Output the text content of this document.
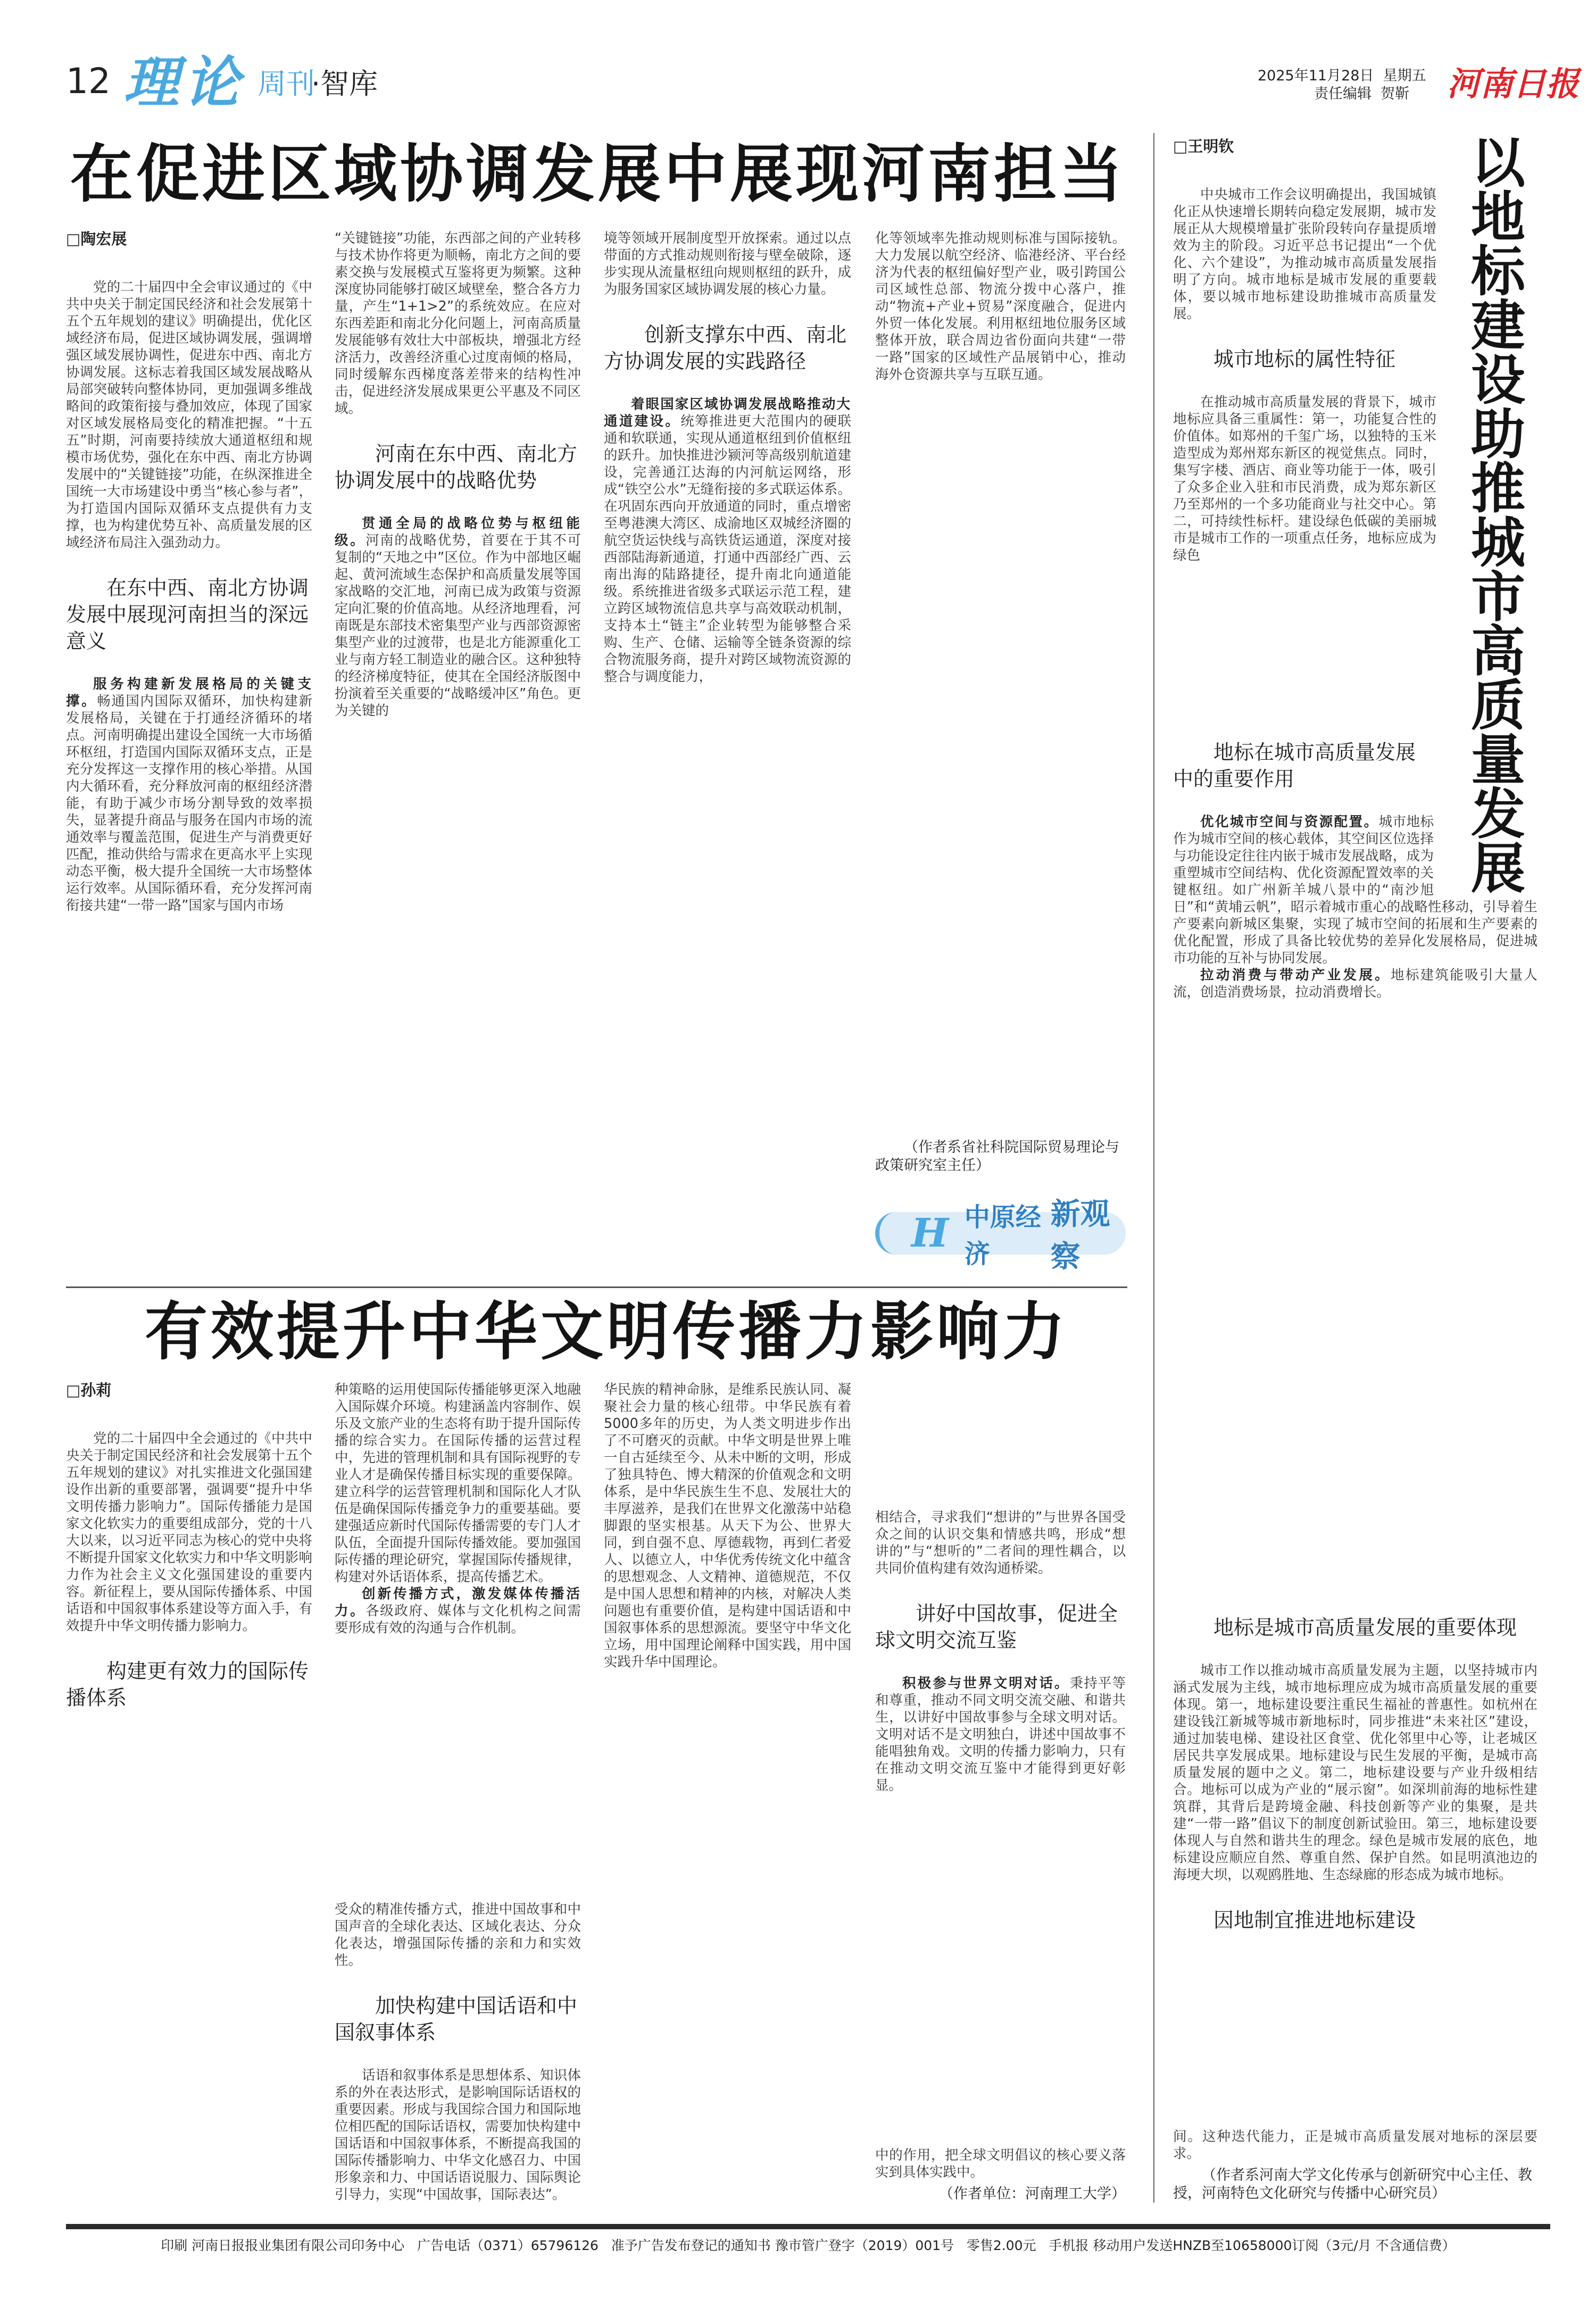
12 理论 周刊
·智库	2025年11月28日  星期五
责任编辑  贺靳 河南日报
在促进区域协调发展中展现河南担当
□陶宏展

党的二十届四中全会审议通过的《中共中央关于制定国民经济和社会发展第十五个五年规划的建议》明确提出，优化区域经济布局，促进区域协调发展，强调增强区域发展协调性，促进东中西、南北方协调发展。这标志着我国区域发展战略从局部突破转向整体协同，更加强调多维战略间的政策衔接与叠加效应，体现了国家对区域发展格局变化的精准把握。“十五五”时期，河南要持续放大通道枢纽和规模市场优势，强化在东中西、南北方协调发展中的“关键链接”功能，在纵深推进全国统一大市场建设中勇当“核心参与者”，为打造国内国际双循环支点提供有力支撑，也为构建优势互补、高质量发展的区域经济布局注入强劲动力。

在东中西、南北方协调发展中展现河南担当的深远意义

服务构建新发展格局的关键支撑。畅通国内国际双循环，加快构建新发展格局，关键在于打通经济循环的堵点。河南明确提出建设全国统一大市场循环枢纽，打造国内国际双循环支点，正是充分发挥这一支撑作用的核心举措。从国内大循环看，充分释放河南的枢纽经济潜能，有助于减少市场分割导致的效率损失，显著提升商品与服务在国内市场的流通效率与覆盖范围，促进生产与消费更好匹配，推动供给与需求在更高水平上实现动态平衡，极大提升全国统一大市场整体运行效率。从国际循环看，充分发挥河南衔接共建“一带一路”国家与国内市场

“关键链接”功能，东西部之间的产业转移与技术协作将更为顺畅，南北方之间的要素交换与发展模式互鉴将更为频繁。这种深度协同能够打破区域壁垒，整合各方力量，产生“1+1>2”的系统效应。在应对东西差距和南北分化问题上，河南高质量发展能够有效壮大中部板块，增强北方经济活力，改善经济重心过度南倾的格局，同时缓解东西梯度落差带来的结构性冲击，促进经济发展成果更公平惠及不同区域。

河南在东中西、南北方协调发展中的战略优势

贯通全局的战略位势与枢纽能级。河南的战略优势，首要在于其不可复制的“天地之中”区位。作为中部地区崛起、黄河流域生态保护和高质量发展等国家战略的交汇地，河南已成为政策与资源定向汇聚的价值高地。从经济地理看，河南既是东部技术密集型产业与西部资源密集型产业的过渡带，也是北方能源重化工业与南方轻工制造业的融合区。这种独特的经济梯度特征，使其在全国经济版图中扮演着至关重要的“战略缓冲区”角色。更为关键的

境等领域开展制度型开放探索。通过以点带面的方式推动规则衔接与壁垒破除，逐步实现从流量枢纽向规则枢纽的跃升，成为服务国家区域协调发展的核心力量。

创新支撑东中西、南北方协调发展的实践路径

着眼国家区域协调发展战略推动大通道建设。统筹推进更大范围内的硬联通和软联通，实现从通道枢纽到价值枢纽的跃升。加快推进沙颍河等高级别航道建设，完善通江达海的内河航运网络，形成“铁空公水”无缝衔接的多式联运体系。在巩固东西向开放通道的同时，重点增密至粤港澳大湾区、成渝地区双城经济圈的航空货运快线与高铁货运通道，深度对接西部陆海新通道，打通中西部经广西、云南出海的陆路捷径，提升南北向通道能级。系统推进省级多式联运示范工程，建立跨区域物流信息共享与高效联动机制，支持本土“链主”企业转型为能够整合采购、生产、仓储、运输等全链条资源的综合物流服务商，提升对跨区域物流资源的整合与调度能力，

化等领域率先推动规则标准与国际接轨。大力发展以航空经济、临港经济、平台经济为代表的枢纽偏好型产业，吸引跨国公司区域性总部、物流分拨中心落户，推动“物流+产业+贸易”深度融合，促进内外贸一体化发展。利用枢纽地位服务区域整体开放，联合周边省份面向共建“一带一路”国家的区域性产品展销中心，推动海外仓资源共享与互联互通。

（作者系省社科院国际贸易理论与政策研究室主任）
H 中原经济
新观察
以地标建设助推城市高质量发展
□王明钦

中央城市工作会议明确提出，我国城镇化正从快速增长期转向稳定发展期，城市发展正从大规模增量扩张阶段转向存量提质增效为主的阶段。习近平总书记提出“一个优化、六个建设”，为推动城市高质量发展指明了方向。城市地标是城市发展的重要载体，要以城市地标建设助推城市高质量发展。

城市地标的属性特征

在推动城市高质量发展的背景下，城市地标应具备三重属性：第一，功能复合性的价值体。如郑州的千玺广场，以独特的玉米造型成为郑州郑东新区的视觉焦点。同时，集写字楼、酒店、商业等功能于一体，吸引了众多企业入驻和市民消费，成为郑东新区乃至郑州的一个多功能商业与社交中心。第二，可持续性标杆。建设绿色低碳的美丽城市是城市工作的一项重点任务，地标应成为绿色

地标在城市高质量发展中的重要作用

优化城市空间与资源配置。城市地标作为城市空间的核心载体，其空间区位选择与功能设定往往内嵌于城市发展战略，成为重塑城市空间结构、优化资源配置效率的关键枢纽。如广州新羊城八景中的“南沙旭日”和“黄埔云帆”，昭示着城市重心的战略性移动，引导着生产要素向新城区集聚，实现了城市空间的拓展和生产要素的优化配置，形成了具备比较优势的差异化发展格局，促进城市功能的互补与协同发展。

拉动消费与带动产业发展。地标建筑能吸引大量人流，创造消费场景，拉动消费增长。

地标是城市高质量发展的重要体现

城市工作以推动城市高质量发展为主题，以坚持城市内涵式发展为主线，城市地标理应成为城市高质量发展的重要体现。第一，地标建设要注重民生福祉的普惠性。如杭州在建设钱江新城等城市新地标时，同步推进“未来社区”建设，通过加装电梯、建设社区食堂、优化邻里中心等，让老城区居民共享发展成果。地标建设与民生发展的平衡，是城市高质量发展的题中之义。第二，地标建设要与产业升级相结合。地标可以成为产业的“展示窗”。如深圳前海的地标性建筑群，其背后是跨境金融、科技创新等产业的集聚，是共建“一带一路”倡议下的制度创新试验田。第三，地标建设要体现人与自然和谐共生的理念。绿色是城市发展的底色，地标建设应顺应自然、尊重自然、保护自然。如昆明滇池边的海埂大坝，以观鸥胜地、生态绿廊的形态成为城市地标。

因地制宜推进地标建设

间。这种迭代能力，正是城市高质量发展对地标的深层要求。

（作者系河南大学文化传承与创新研究中心主任、教授，河南特色文化研究与传播中心研究员）
有效提升中华文明传播力影响力
□孙莉

党的二十届四中全会通过的《中共中央关于制定国民经济和社会发展第十五个五年规划的建议》对扎实推进文化强国建设作出新的重要部署，强调要“提升中华文明传播力影响力”。国际传播能力是国家文化软实力的重要组成部分，党的十八大以来，以习近平同志为核心的党中央将不断提升国家文化软实力和中华文明影响力作为社会主义文化强国建设的重要内容。新征程上，要从国际传播体系、中国话语和中国叙事体系建设等方面入手，有效提升中华文明传播力影响力。

构建更有效力的国际传播体系

种策略的运用使国际传播能够更深入地融入国际媒介环境。构建涵盖内容制作、娱乐及文旅产业的生态将有助于提升国际传播的综合实力。在国际传播的运营过程中，先进的管理机制和具有国际视野的专业人才是确保传播目标实现的重要保障。建立科学的运营管理机制和国际化人才队伍是确保国际传播竞争力的重要基础。要建强适应新时代国际传播需要的专门人才队伍，全面提升国际传播效能。要加强国际传播的理论研究，掌握国际传播规律，构建对外话语体系，提高传播艺术。

创新传播方式，激发媒体传播活力。各级政府、媒体与文化机构之间需要形成有效的沟通与合作机制。

受众的精准传播方式，推进中国故事和中国声音的全球化表达、区域化表达、分众化表达，增强国际传播的亲和力和实效性。

加快构建中国话语和中国叙事体系

话语和叙事体系是思想体系、知识体系的外在表达形式，是影响国际话语权的重要因素。形成与我国综合国力和国际地位相匹配的国际话语权，需要加快构建中国话语和中国叙事体系，不断提高我国的国际传播影响力、中华文化感召力、中国形象亲和力、中国话语说服力、国际舆论引导力，实现“中国故事，国际表达”。

华民族的精神命脉，是维系民族认同、凝聚社会力量的核心纽带。中华民族有着5000多年的历史，为人类文明进步作出了不可磨灭的贡献。中华文明是世界上唯一自古延续至今、从未中断的文明，形成了独具特色、博大精深的价值观念和文明体系，是中华民族生生不息、发展壮大的丰厚滋养，是我们在世界文化激荡中站稳脚跟的坚实根基。从天下为公、世界大同，到自强不息、厚德载物，再到仁者爱人、以德立人，中华优秀传统文化中蕴含的思想观念、人文精神、道德规范，不仅是中国人思想和精神的内核，对解决人类问题也有重要价值，是构建中国话语和中国叙事体系的思想源流。要坚守中华文化立场，用中国理论阐释中国实践，用中国实践升华中国理论。

相结合，寻求我们“想讲的”与世界各国受众之间的认识交集和情感共鸣，形成“想讲的”与“想听的”二者间的理性耦合，以共同价值构建有效沟通桥梁。

讲好中国故事，促进全球文明交流互鉴

积极参与世界文明对话。秉持平等和尊重，推动不同文明交流交融、和谐共生，以讲好中国故事参与全球文明对话。文明对话不是文明独白，讲述中国故事不能唱独角戏。文明的传播力影响力，只有在推动文明交流互鉴中才能得到更好彰显。

中的作用，把全球文明倡议的核心要义落实到具体实践中。

（作者单位：河南理工大学）
印刷 河南日报报业集团有限公司印务中心   广告电话（0371）65796126   准予广告发布登记的通知书 豫市管广登字（2019）001号   零售2.00元   手机报 移动用户发送HNZB至10658000订阅（3元/月 不含通信费）
